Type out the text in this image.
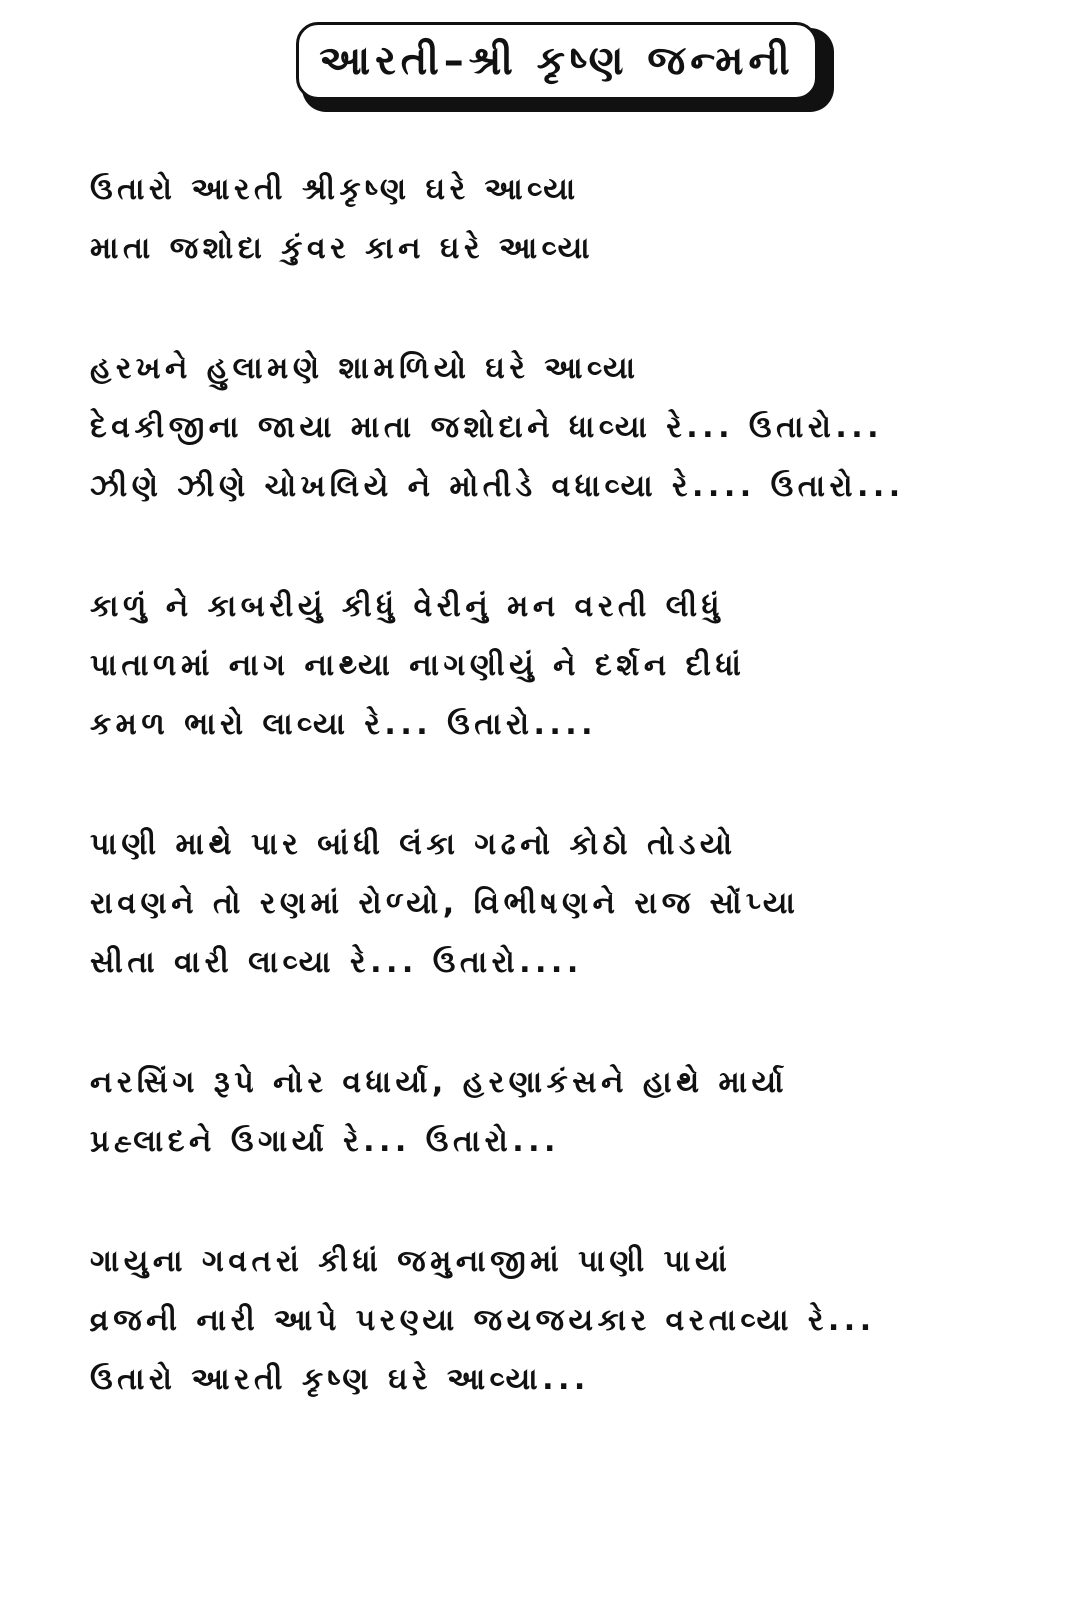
આરતી–શ્રી કૃષ્ણ જન્મની
ઉતારો આરતી શ્રીકૃષ્ણ ઘરે આવ્યા
માતા જશોદા કુંવર કાન ઘરે આવ્યા
હરખને હુલામણે શામળિયો ઘરે આવ્યા
દેવકીજીના જાયા માતા જશોદાને ધાવ્યા રે... ઉતારો...
ઝીણે ઝીણે ચોખલિયે ને મોતીડે વધાવ્યા રે.... ઉતારો...
કાળું ને કાબરીયું કીધું વેરીનું મન વરતી લીધું
પાતાળમાં નાગ નાથ્યા નાગણીયું ને દર્શન દીધાં
કમળ ભારો લાવ્યા રે... ઉતારો....
પાણી માથે પાર બાંધી લંકા ગઢનો કોઠો તોડયો
રાવણને તો રણમાં રોળ્યો, વિભીષણને રાજ સોંપ્યા
સીતા વારી લાવ્યા રે... ઉતારો....
નરસિંગ રૂપે નોર વધાર્યા, હરણાકંસને હાથે માર્યા
પ્રહ્લાદને ઉગાર્યા રે... ઉતારો...
ગાયુના ગવતરાં કીધાં જમુનાજીમાં પાણી પાયાં
વ્રજની નારી આપે પરણ્યા જયજયકાર વરતાવ્યા રે...
ઉતારો આરતી કૃષ્ણ ઘરે આવ્યા...
